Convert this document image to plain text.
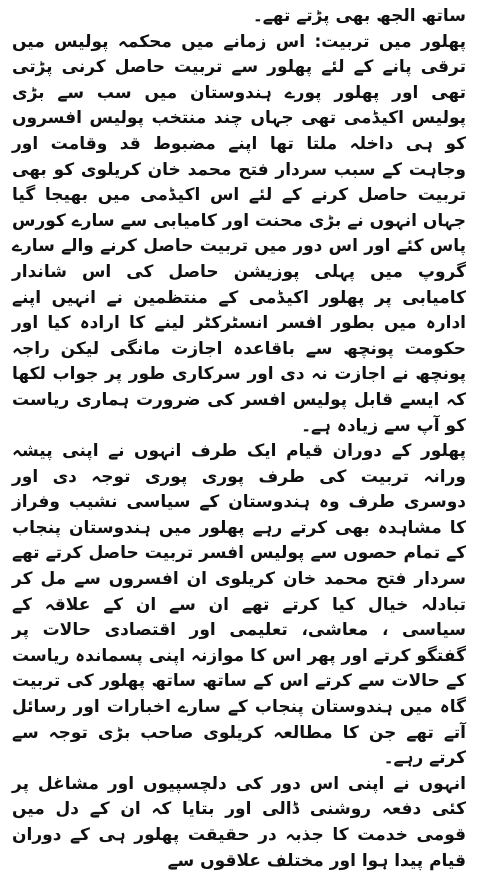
ساتھ الجھ بھی پڑتے تھے۔

پھلور میں تربیت: اس زمانے میں محکمہ پولیس میں ترقی پانے کے لئے پھلور سے تربیت حاصل کرنی پڑتی تھی اور پھلور پورے ہندوستان میں سب سے بڑی پولیس اکیڈمی تھی جہاں چند منتخب پولیس افسروں کو ہی داخلہ ملتا تھا اپنے مضبوط قد وقامت اور وجاہت کے سبب سردار فتح محمد خان کریلوی کو بھی تربیت حاصل کرنے کے لئے اس اکیڈمی میں بھیجا گیا جہاں انہوں نے بڑی محنت اور کامیابی سے سارے کورس پاس کئے اور اس دور میں تربیت حاصل کرنے والے سارے گروپ میں پہلی پوزیشن حاصل کی اس شاندار کامیابی پر پھلور اکیڈمی کے منتظمین نے انہیں اپنے ادارہ میں بطور افسر انسٹرکٹر لینے کا ارادہ کیا اور حکومت پونچھ سے باقاعدہ اجازت مانگی لیکن راجہ پونچھ نے اجازت نہ دی اور سرکاری طور پر جواب لکھا کہ ایسے قابل پولیس افسر کی ضرورت ہماری ریاست کو آپ سے زیادہ ہے۔

پھلور کے دوران قیام ایک طرف انہوں نے اپنی پیشہ ورانہ تربیت کی طرف پوری پوری توجہ دی اور دوسری طرف وہ ہندوستان کے سیاسی نشیب وفراز کا مشاہدہ بھی کرتے رہے پھلور میں ہندوستان پنجاب کے تمام حصوں سے پولیس افسر تربیت حاصل کرتے تھے سردار فتح محمد خان کریلوی ان افسروں سے مل کر تبادلہ خیال کیا کرتے تھے ان سے ان کے علاقہ کے سیاسی ، معاشی، تعلیمی اور اقتصادی حالات پر گفتگو کرتے اور پھر اس کا موازنہ اپنی پسماندہ ریاست کے حالات سے کرتے اس کے ساتھ ساتھ پھلور کی تربیت گاہ میں ہندوستان پنجاب کے سارے اخبارات اور رسائل آتے تھے جن کا مطالعہ کریلوی صاحب بڑی توجہ سے کرتے رہے۔

انہوں نے اپنی اس دور کی دلچسپیوں اور مشاغل پر کئی دفعہ روشنی ڈالی اور بتایا کہ ان کے دل میں قومی خدمت کا جذبہ در حقیقت پھلور ہی کے دوران قیام پیدا ہوا اور مختلف علاقوں سے
